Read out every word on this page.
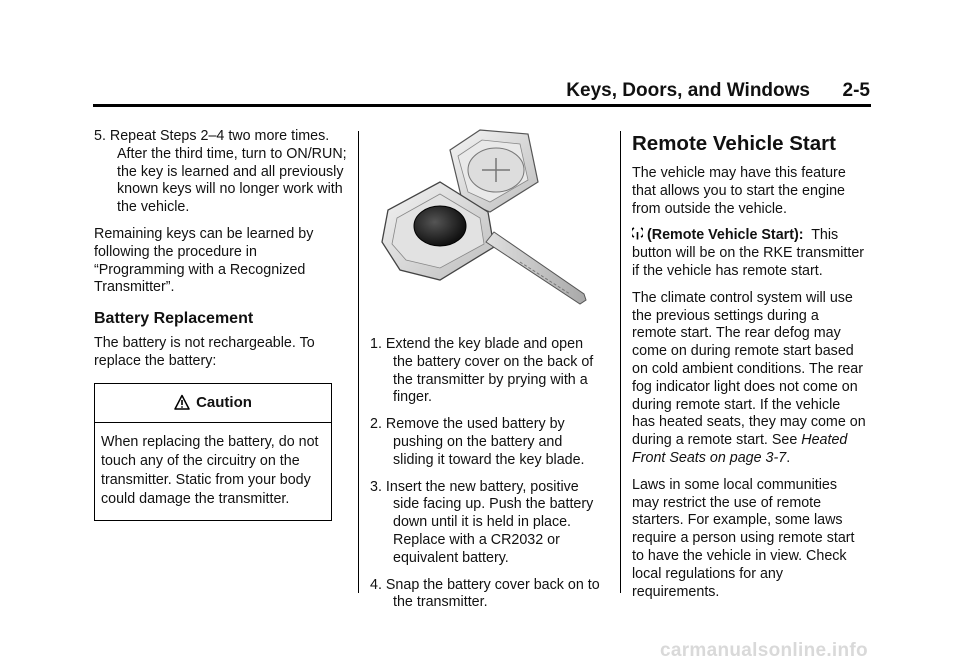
Keys, Doors, and Windows	2-5

5. Repeat Steps 2–4 two more times. After the third time, turn to ON/RUN; the key is learned and all previously known keys will no longer work with the vehicle.

Remaining keys can be learned by following the procedure in “Programming with a Recognized Transmitter”.

Battery Replacement

The battery is not rechargeable. To replace the battery:

Caution
When replacing the battery, do not touch any of the circuitry on the transmitter. Static from your body could damage the transmitter.

1. Extend the key blade and open the battery cover on the back of the transmitter by prying with a finger.

2. Remove the used battery by pushing on the battery and sliding it toward the key blade.

3. Insert the new battery, positive side facing up. Push the battery down until it is held in place. Replace with a CR2032 or equivalent battery.

4. Snap the battery cover back on to the transmitter.

Remote Vehicle Start

The vehicle may have this feature that allows you to start the engine from outside the vehicle.

(Remote Vehicle Start): This button will be on the RKE transmitter if the vehicle has remote start.

The climate control system will use the previous settings during a remote start. The rear defog may come on during remote start based on cold ambient conditions. The rear fog indicator light does not come on during remote start. If the vehicle has heated seats, they may come on during a remote start. See Heated Front Seats on page 3-7.

Laws in some local communities may restrict the use of remote starters. For example, some laws require a person using remote start to have the vehicle in view. Check local regulations for any requirements.

carmanualsonline.info
